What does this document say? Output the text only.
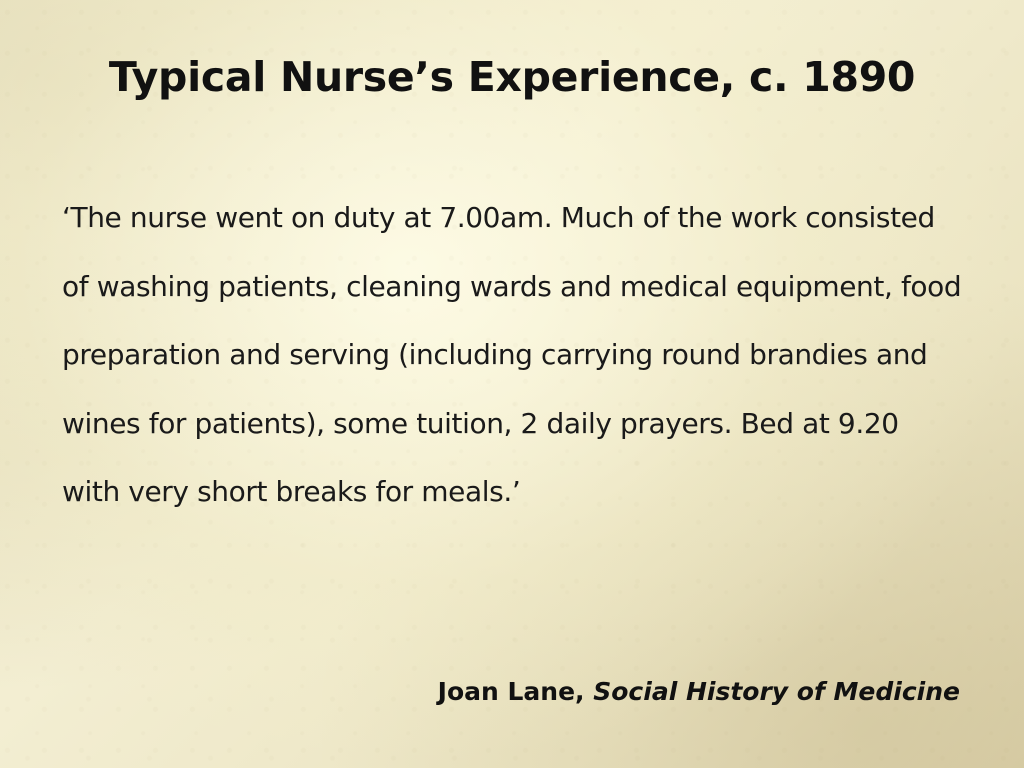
Typical Nurse’s Experience, c. 1890

‘The nurse went on duty at 7.00am. Much of the work consisted of washing patients, cleaning wards and medical equipment, food preparation and serving (including carrying round brandies and wines for patients), some tuition, 2 daily prayers. Bed at 9.20 with very short breaks for meals.’

Joan Lane, Social History of Medicine
